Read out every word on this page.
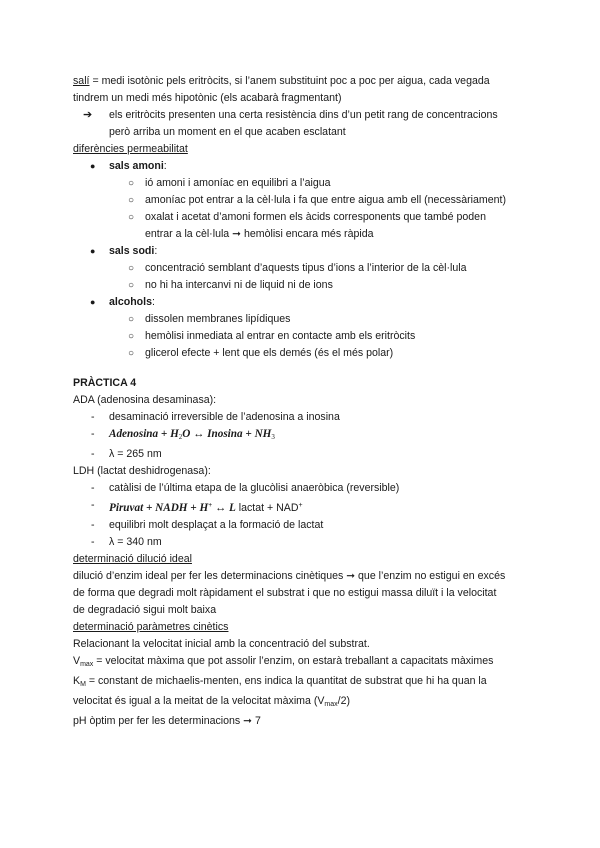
salí = medi isotònic pels eritròcits, si l’anem substituint poc a poc per aigua, cada vegada

tindrem un medi més hipotònic (els acabarà fragmentant)

➔ els eritròcits presenten una certa resistència dins d’un petit rang de concentracions

però arriba un moment en el que acaben esclatant

diferències permeabilitat

● sals amoni:
○ ió amoni i amoníac en equilibri a l’aigua
○ amoníac pot entrar a la cèl·lula i fa que entre aigua amb ell (necessàriament)
○ oxalat i acetat d’amoni formen els àcids corresponents que també poden
entrar a la cèl·lula ➞ hemòlisi encara més ràpida
● sals sodi:
○ concentració semblant d’aquests tipus d’ions a l’interior de la cèl·lula
○ no hi ha intercanvi ni de liquid ni de ions
● alcohols:
○ dissolen membranes lipídiques
○ hemòlisi inmediata al entrar en contacte amb els eritròcits
○ glicerol efecte + lent que els demés (és el més polar)

PRÀCTICA 4

ADA (adenosina desaminasa):

- desaminació irreversible de l’adenosina a inosina
- Adenosina + $H_2O$ ↔ $Inosina + NH_3$
- λ = 265 nm

LDH (lactat deshidrogenasa):

- catàlisi de l’última etapa de la glucòlisi anaeròbica (reversible)
- Piruvat + NADH + H+ ↔ L lactat + NAD+
- equilibri molt desplaçat a la formació de lactat
- λ = 340 nm

determinació dilució ideal

dilució d’enzim ideal per fer les determinacions cinètiques ➞ que l’enzim no estigui en excés

de forma que degradi molt ràpidament el substrat i que no estigui massa diluït i la velocitat

de degradació sigui molt baixa

determinació paràmetres cinètics

Relacionant la velocitat inicial amb la concentració del substrat.

Vmax = velocitat màxima que pot assolir l’enzim, on estarà treballant a capacitats màximes

KM = constant de michaelis-menten, ens indica la quantitat de substrat que hi ha quan la

velocitat és igual a la meitat de la velocitat màxima (Vmax/2)

pH òptim per fer les determinacions ➞ 7
